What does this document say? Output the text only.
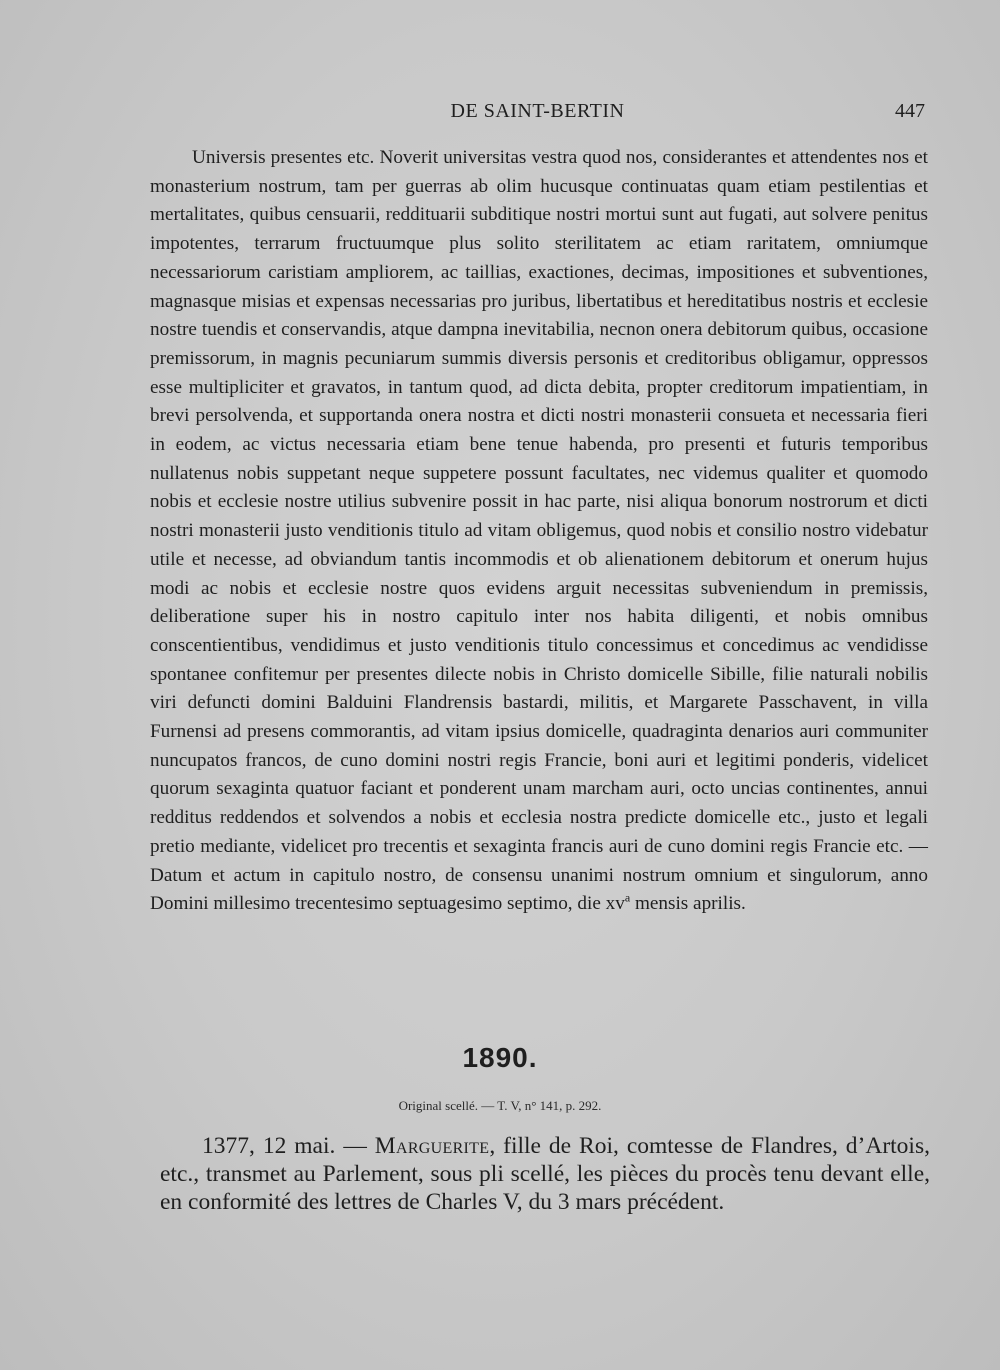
DE SAINT-BERTIN	447

Universis presentes etc. Noverit universitas vestra quod nos, considerantes et attendentes nos et monasterium nostrum, tam per guerras ab olim hucusque continuatas quam etiam pestilentias et mertalitates, quibus censuarii, reddituarii subditique nostri mortui sunt aut fugati, aut solvere penitus impotentes, terrarum fructuumque plus solito sterilitatem ac etiam raritatem, omniumque necessariorum caristiam ampliorem, ac taillias, exactiones, decimas, impositiones et subventiones, magnasque misias et expensas necessarias pro juribus, libertatibus et hereditatibus nostris et ecclesie nostre tuendis et conservandis, atque dampna inevitabilia, necnon onera debitorum quibus, occasione premissorum, in magnis pecuniarum summis diversis personis et creditoribus obligamur, oppressos esse multipliciter et gravatos, in tantum quod, ad dicta debita, propter creditorum impatientiam, in brevi persolvenda, et supportanda onera nostra et dicti nostri monasterii consueta et necessaria fieri in eodem, ac victus necessaria etiam bene tenue habenda, pro presenti et futuris temporibus nullatenus nobis suppetant neque suppetere possunt facultates, nec videmus qualiter et quomodo nobis et ecclesie nostre utilius subvenire possit in hac parte, nisi aliqua bonorum nostrorum et dicti nostri monasterii justo venditionis titulo ad vitam obligemus, quod nobis et consilio nostro videbatur utile et necesse, ad obviandum tantis incommodis et ob alienationem debitorum et onerum hujus modi ac nobis et ecclesie nostre quos evidens arguit necessitas subveniendum in premissis, deliberatione super his in nostro capitulo inter nos habita diligenti, et nobis omnibus conscentientibus, vendidimus et justo venditionis titulo concessimus et concedimus ac vendidisse spontanee confitemur per presentes dilecte nobis in Christo domicelle Sibille, filie naturali nobilis viri defuncti domini Balduini Flandrensis bastardi, militis, et Margarete Passchavent, in villa Furnensi ad presens commorantis, ad vitam ipsius domicelle, quadraginta denarios auri communiter nuncupatos francos, de cuno domini nostri regis Francie, boni auri et legitimi ponderis, videlicet quorum sexaginta quatuor faciant et ponderent unam marcham auri, octo uncias continentes, annui redditus reddendos et solvendos a nobis et ecclesia nostra predicte domicelle etc., justo et legali pretio mediante, videlicet pro trecentis et sexaginta francis auri de cuno domini regis Francie etc. — Datum et actum in capitulo nostro, de consensu unanimi nostrum omnium et singulorum, anno Domini millesimo trecentesimo septuagesimo septimo, die $xv^a$ mensis aprilis.

1890.
Original scellé. — T. V, n° 141, p. 292.

1377, 12 mai. — Marguerite, fille de Roi, comtesse de Flandres, d’Artois, etc., transmet au Parlement, sous pli scellé, les pièces du procès tenu devant elle, en conformité des lettres de Charles V, du 3 mars précédent.
